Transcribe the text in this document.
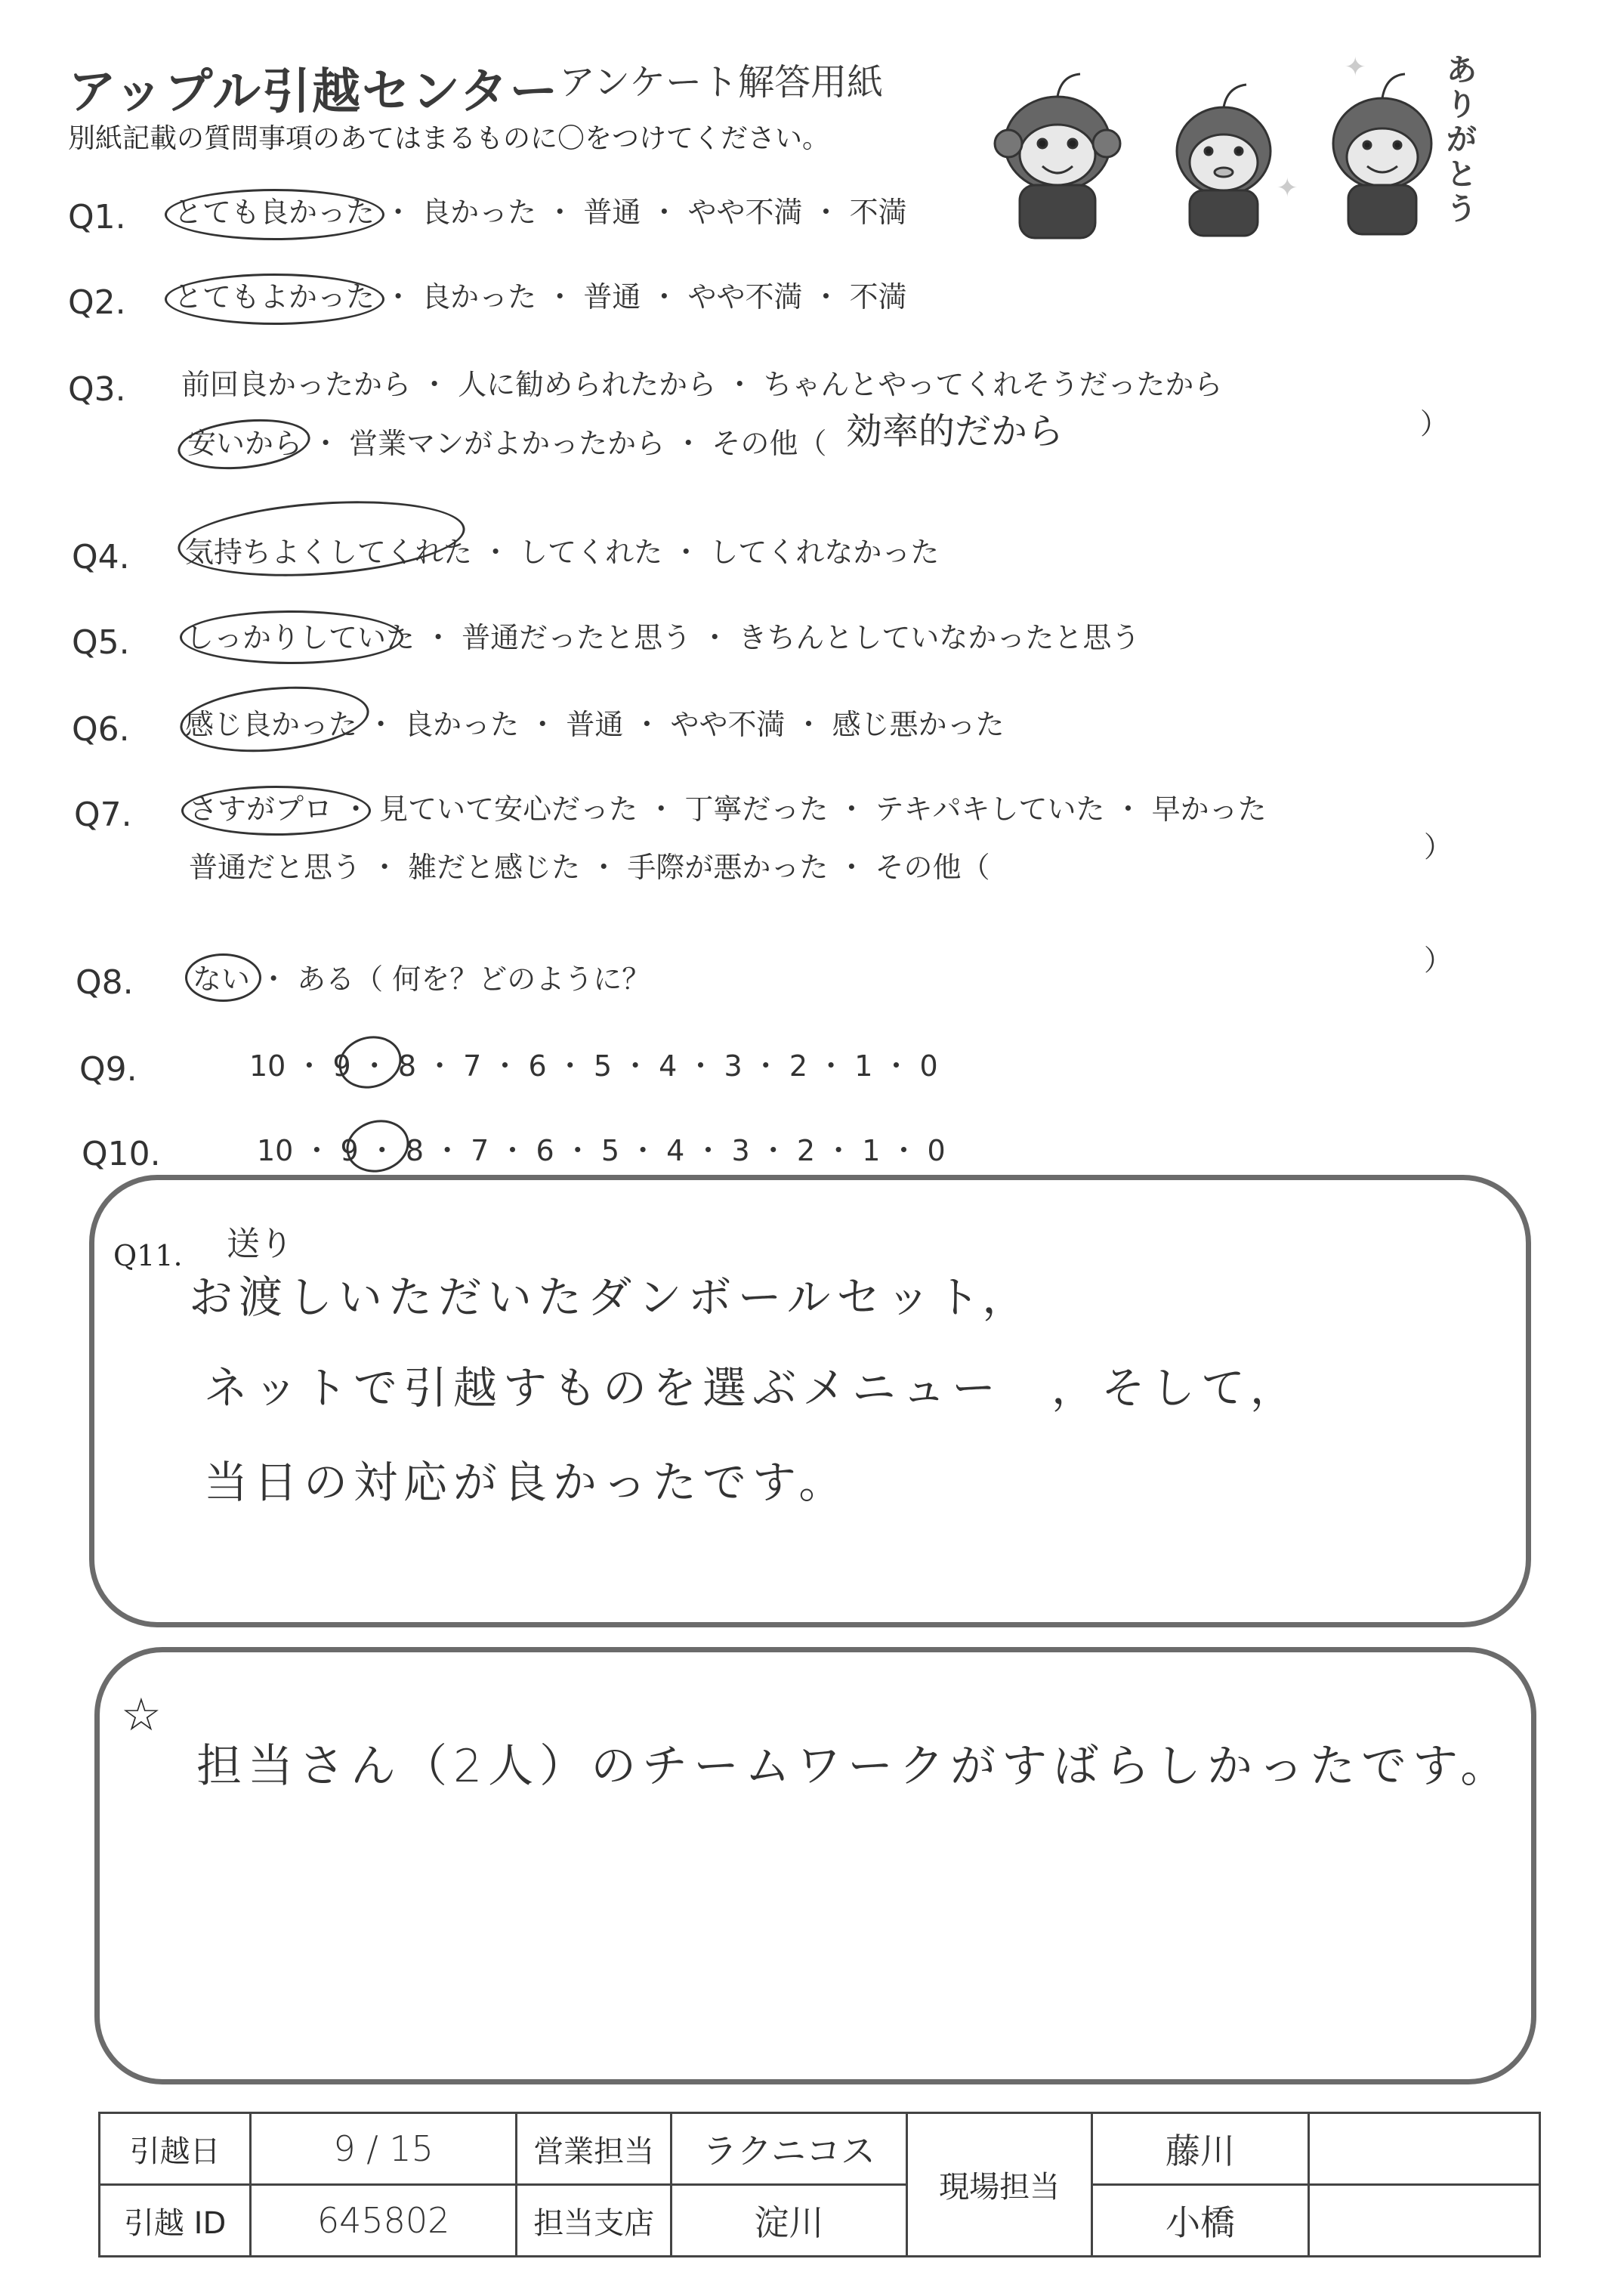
アップル引越センター アンケート解答用紙
別紙記載の質問事項のあてはまるものに〇をつけてください。
✦
✦
ありがとう
Q1. とても良かった ・ 良かった ・ 普通 ・ やや不満 ・ 不満
Q2. とてもよかった ・ 良かった ・ 普通 ・ やや不満 ・ 不満
Q3. 前回良かったから ・ 人に勧められたから ・ ちゃんとやってくれそうだったから
安いから ・ 営業マンがよかったから ・ その他（ 効率的だから	）
Q4. 気持ちよくしてくれた ・ してくれた ・ してくれなかった
Q5. しっかりしていた ・ 普通だったと思う ・ きちんとしていなかったと思う
Q6. 感じ良かった ・ 良かった ・ 普通 ・ やや不満 ・ 感じ悪かった
Q7. さすがプロ ・ 見ていて安心だった ・ 丁寧だった ・ テキパキしていた ・ 早かった
普通だと思う ・ 雑だと感じた ・ 手際が悪かった ・ その他（
）
Q8. ない ・ ある（ 何を？どのように？
）
Q9.	10 ・ 9 ・ 8 ・ 7 ・ 6 ・ 5 ・ 4 ・ 3 ・ 2 ・ 1 ・ 0
Q10.	10 ・ 9 ・ 8 ・ 7 ・ 6 ・ 5 ・ 4 ・ 3 ・ 2 ・ 1 ・ 0
Q11. 送り
お渡しいただいたダンボールセット，
ネットで引越すものを選ぶメニュー　，そして，
当日の対応が良かったです。
☆
担当さん（2人）のチームワークがすばらしかったです。
引越日	9 / 15	営業担当	ラクニコス	現場担当	藤川	
引越 ID	645802	担当支店	淀川		小橋	
